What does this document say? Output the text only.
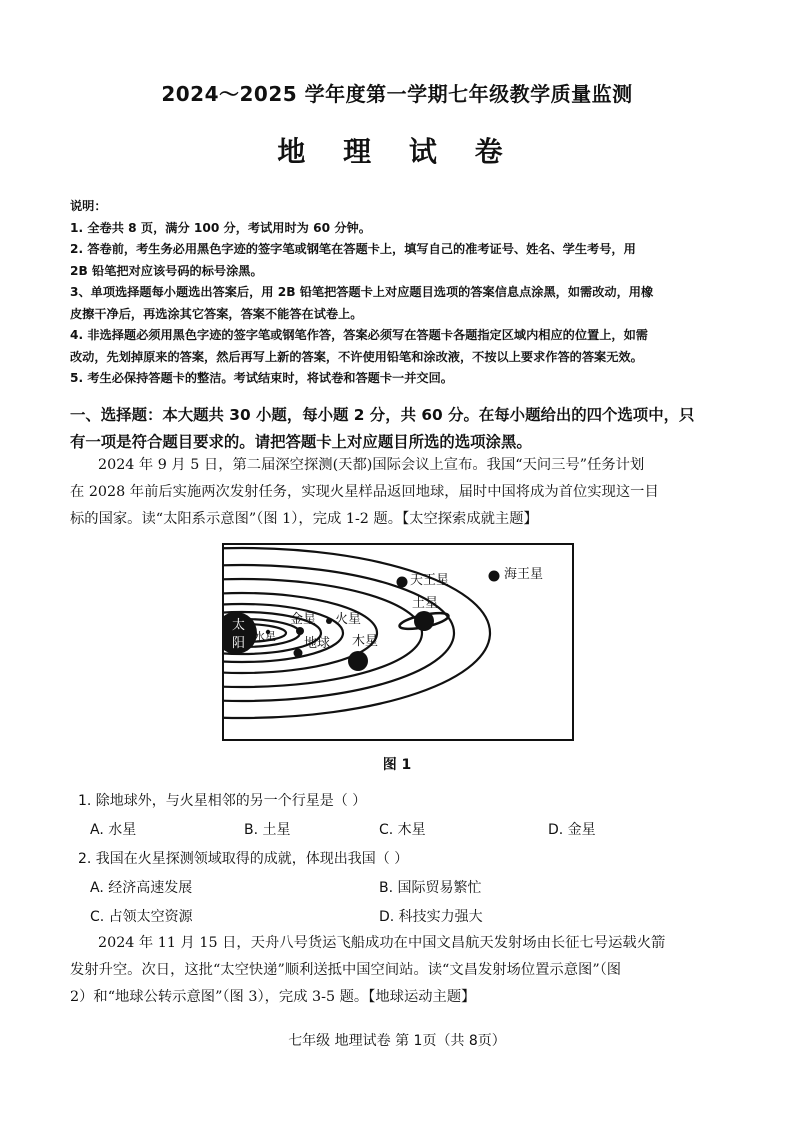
2024～2025 学年度第一学期七年级教学质量监测
地 理 试 卷
说明：
1. 全卷共 8 页，满分 100 分，考试用时为 60 分钟。
2. 答卷前，考生务必用黑色字迹的签字笔或钢笔在答题卡上，填写自己的准考证号、姓名、学生考号，用
2B 铅笔把对应该号码的标号涂黑。
3、单项选择题每小题选出答案后，用 2B 铅笔把答题卡上对应题目选项的答案信息点涂黑，如需改动，用橡
皮擦干净后，再选涂其它答案，答案不能答在试卷上。
4. 非选择题必须用黑色字迹的签字笔或钢笔作答，答案必须写在答题卡各题指定区域内相应的位置上，如需
改动，先划掉原来的答案，然后再写上新的答案，不许使用铅笔和涂改液，不按以上要求作答的答案无效。
5. 考生必保持答题卡的整洁。考试结束时，将试卷和答题卡一并交回。
一、选择题：本大题共 30 小题，每小题 2 分，共 60 分。在每小题给出的四个选项中，只
有一项是符合题目要求的。请把答题卡上对应题目所选的选项涂黑。
2024 年 9 月 5 日，第二届深空探测(天都)国际会议上宣布。我国“天问三号”任务计划
在 2028 年前后实施两次发射任务，实现火星样品返回地球，届时中国将成为首位实现这一目
标的国家。读“太阳系示意图”（图 1），完成 1-2 题。【太空探索成就主题】
太
阳 水星
金星
地球
火星
木星
土星
天王星	海王星
图 1
1. 除地球外，与火星相邻的另一个行星是（ ）
A. 水星	B. 土星	C. 木星	D. 金星
2. 我国在火星探测领域取得的成就，体现出我国（ ）
A. 经济高速发展	B. 国际贸易繁忙
C. 占领太空资源	D. 科技实力强大
2024 年 11 月 15 日，天舟八号货运飞船成功在中国文昌航天发射场由长征七号运载火箭
发射升空。次日，这批“太空快递”顺利送抵中国空间站。读“文昌发射场位置示意图”（图
2）和“地球公转示意图”（图 3），完成 3-5 题。【地球运动主题】
七年级 地理试卷 第 1页（共 8页）
